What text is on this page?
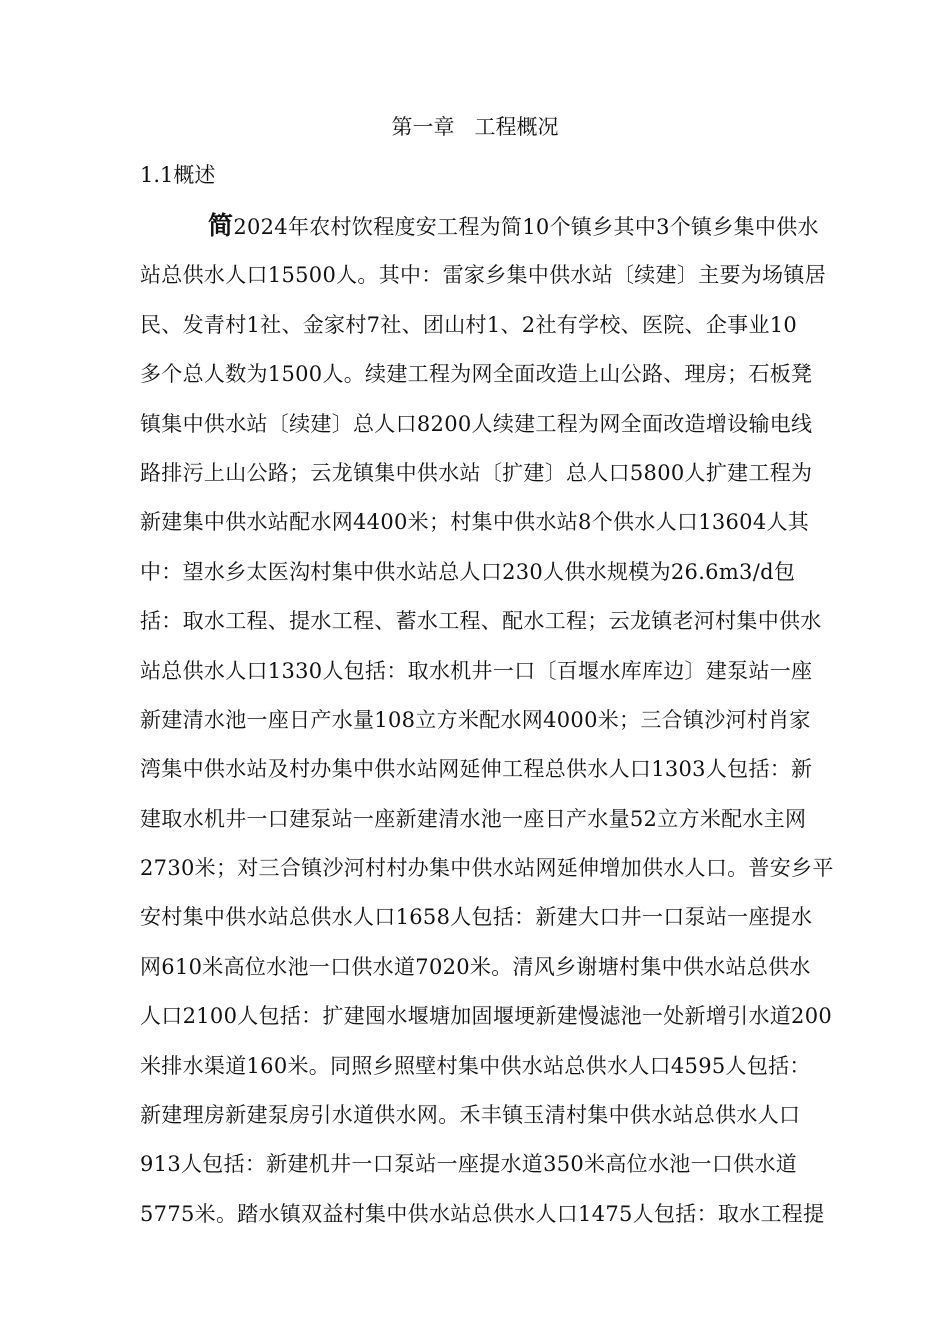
第一章   工程概况
1.1概述
简2024年农村饮程度安工程为简10个镇乡其中3个镇乡集中供水
站总供水人口15500人。其中：雷家乡集中供水站〔续建〕主要为场镇居
民、发青村1社、金家村7社、团山村1、2社有学校、医院、企事业10
多个总人数为1500人。续建工程为网全面改造上山公路、理房；石板凳
镇集中供水站〔续建〕总人口8200人续建工程为网全面改造增设输电线
路排污上山公路；云龙镇集中供水站〔扩建〕总人口5800人扩建工程为
新建集中供水站配水网4400米；村集中供水站8个供水人口13604人其
中：望水乡太医沟村集中供水站总人口230人供水规模为26.6m3/d包
括：取水工程、提水工程、蓄水工程、配水工程；云龙镇老河村集中供水
站总供水人口1330人包括：取水机井一口〔百堰水库库边〕建泵站一座
新建清水池一座日产水量108立方米配水网4000米；三合镇沙河村肖家
湾集中供水站及村办集中供水站网延伸工程总供水人口1303人包括：新
建取水机井一口建泵站一座新建清水池一座日产水量52立方米配水主网
2730米；对三合镇沙河村村办集中供水站网延伸增加供水人口。普安乡平
安村集中供水站总供水人口1658人包括：新建大口井一口泵站一座提水
网610米高位水池一口供水道7020米。清风乡谢塘村集中供水站总供水
人口2100人包括：扩建囤水堰塘加固堰埂新建慢滤池一处新增引水道200
米排水渠道160米。同照乡照壁村集中供水站总供水人口4595人包括：
新建理房新建泵房引水道供水网。禾丰镇玉清村集中供水站总供水人口
913人包括：新建机井一口泵站一座提水道350米高位水池一口供水道
5775米。踏水镇双益村集中供水站总供水人口1475人包括：取水工程提
